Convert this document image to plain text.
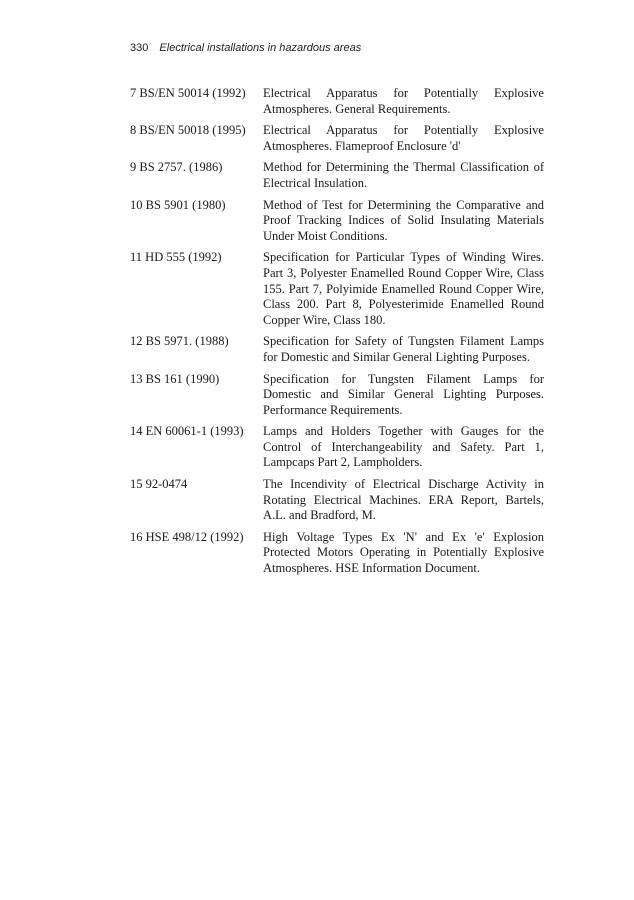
330 Electrical installations in hazardous areas
7 BS/EN 50014 (1992)	Electrical Apparatus for Potentially Explosive Atmospheres. General Requirements.
8 BS/EN 50018 (1995)	Electrical Apparatus for Potentially Explosive Atmospheres. Flameproof Enclosure 'd'
9 BS 2757. (1986)	Method for Determining the Thermal Classification of Electrical Insulation.
10 BS 5901 (1980)	Method of Test for Determining the Comparative and Proof Tracking Indices of Solid Insulating Materials Under Moist Conditions.
11 HD 555 (1992)	Specification for Particular Types of Winding Wires. Part 3, Polyester Enamelled Round Copper Wire, Class 155. Part 7, Polyimide Enamelled Round Copper Wire, Class 200. Part 8, Polyesterimide Enamelled Round Copper Wire, Class 180.
12 BS 5971. (1988)	Specification for Safety of Tungsten Filament Lamps for Domestic and Similar General Lighting Purposes.
13 BS 161 (1990)	Specification for Tungsten Filament Lamps for Domestic and Similar General Lighting Purposes. Performance Requirements.
14 EN 60061-1 (1993)	Lamps and Holders Together with Gauges for the Control of Interchangeability and Safety. Part 1, Lampcaps Part 2, Lampholders.
15 92-0474	The Incendivity of Electrical Discharge Activity in Rotating Electrical Machines. ERA Report, Bartels, A.L. and Bradford, M.
16 HSE 498/12 (1992)	High Voltage Types Ex 'N' and Ex 'e' Explosion Protected Motors Operating in Potentially Explosive Atmospheres. HSE Information Document.
